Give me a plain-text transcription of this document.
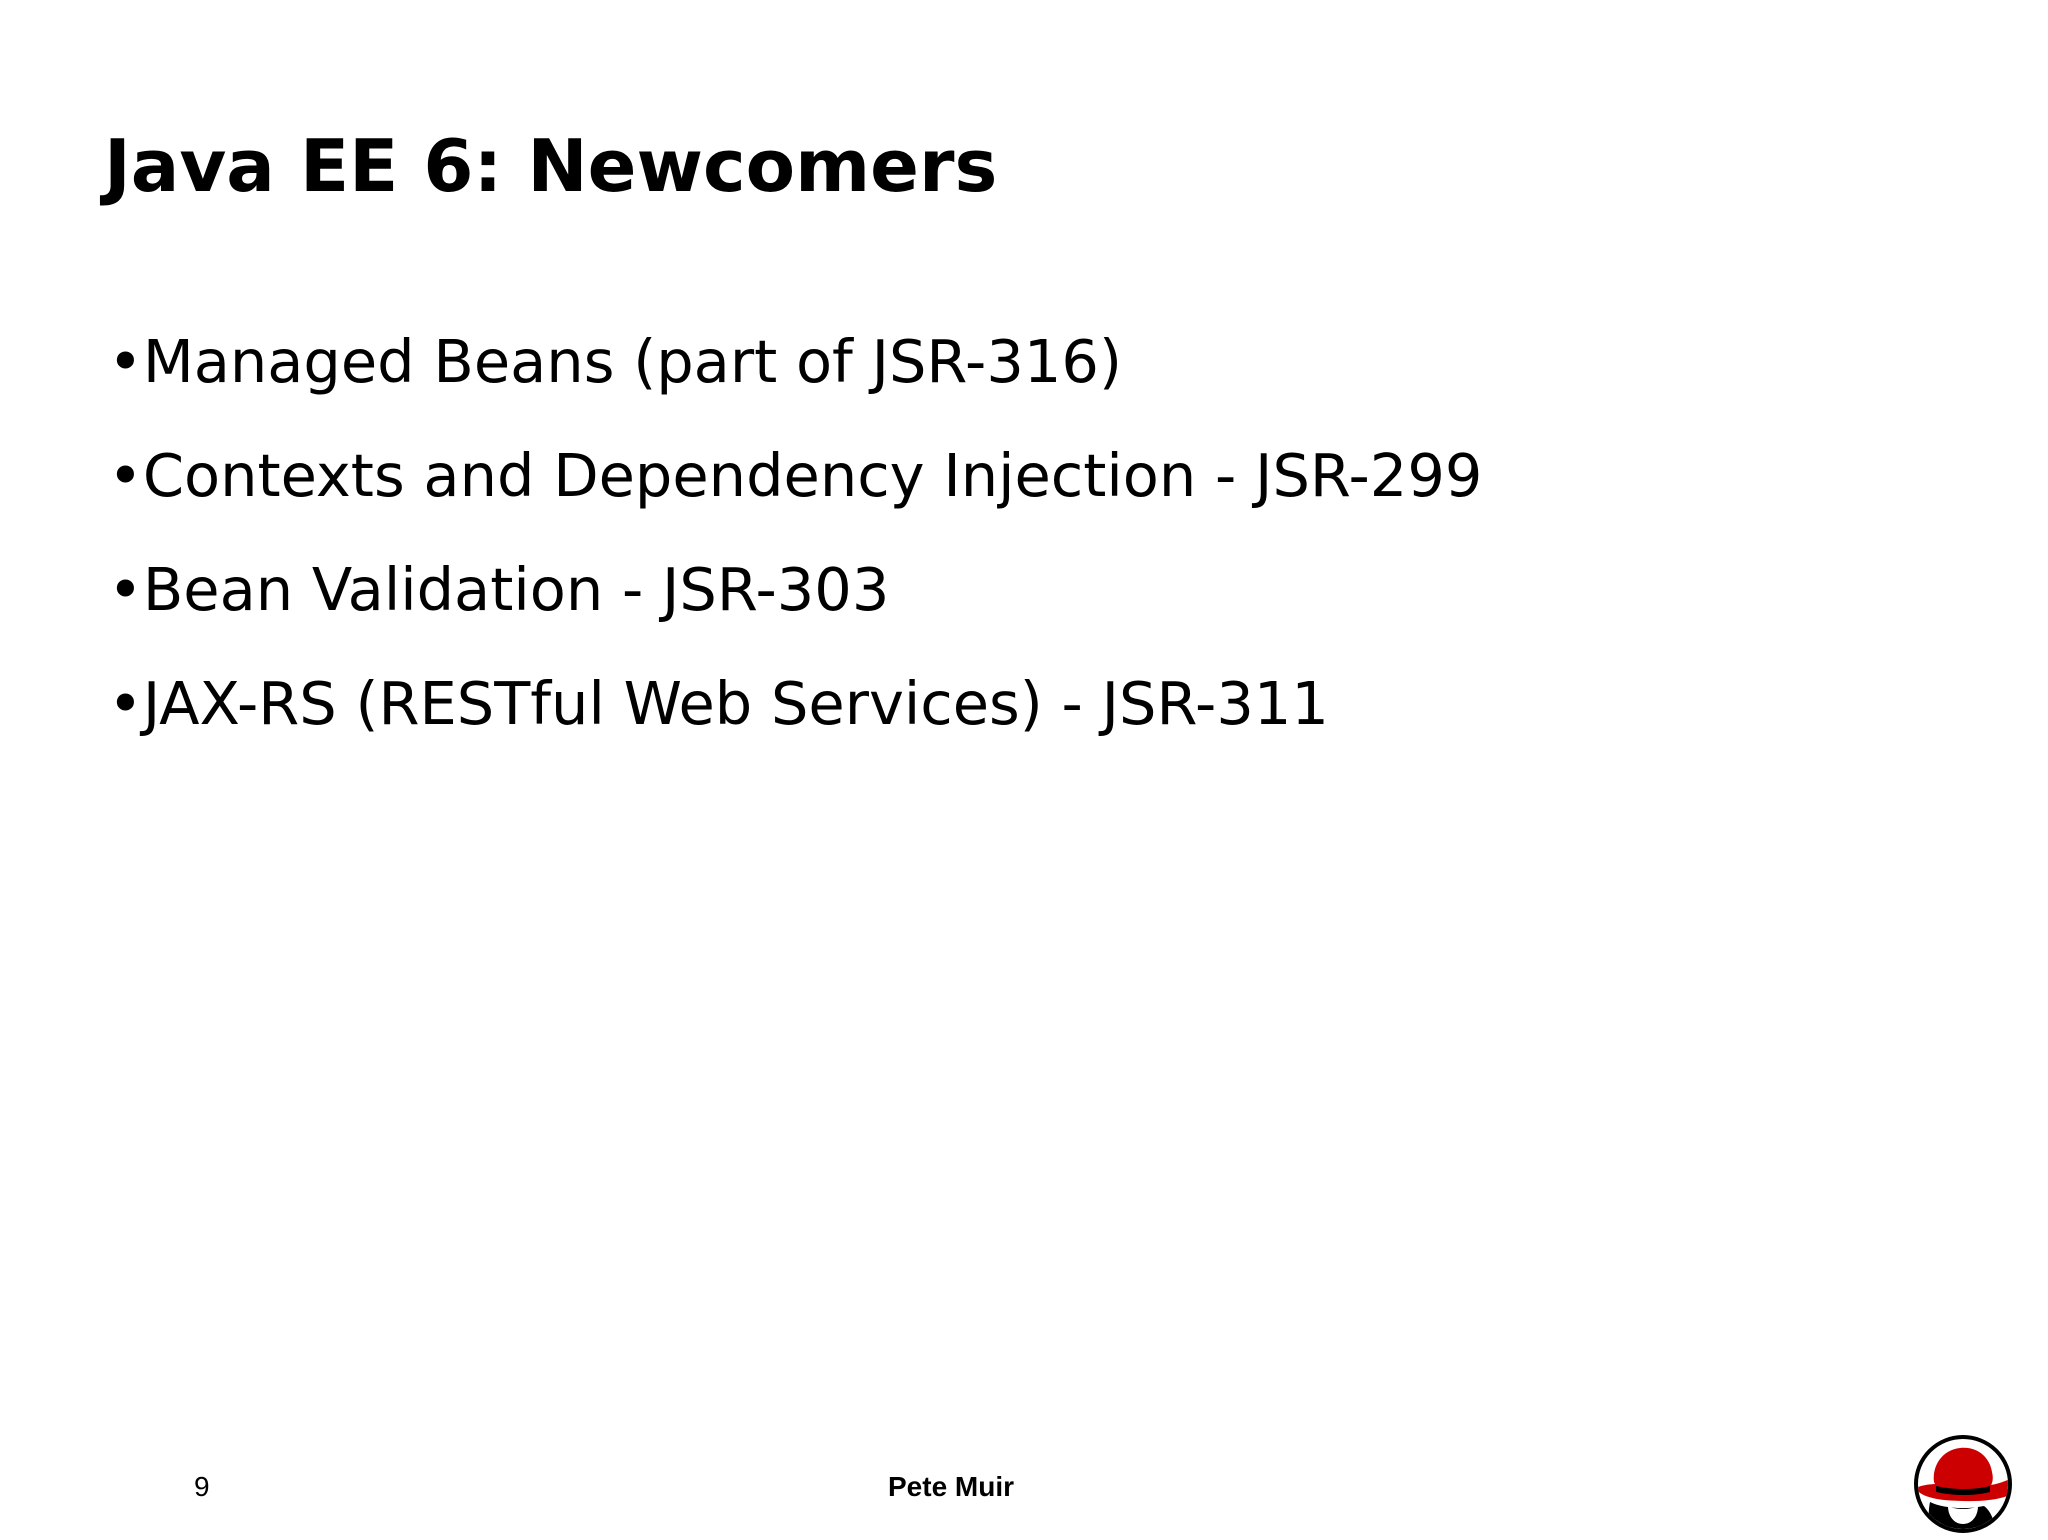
Java EE 6: Newcomers
•Managed Beans (part of JSR-316)
•Contexts and Dependency Injection - JSR-299
•Bean Validation - JSR-303
•JAX-RS (RESTful Web Services) - JSR-311
9	Pete Muir
